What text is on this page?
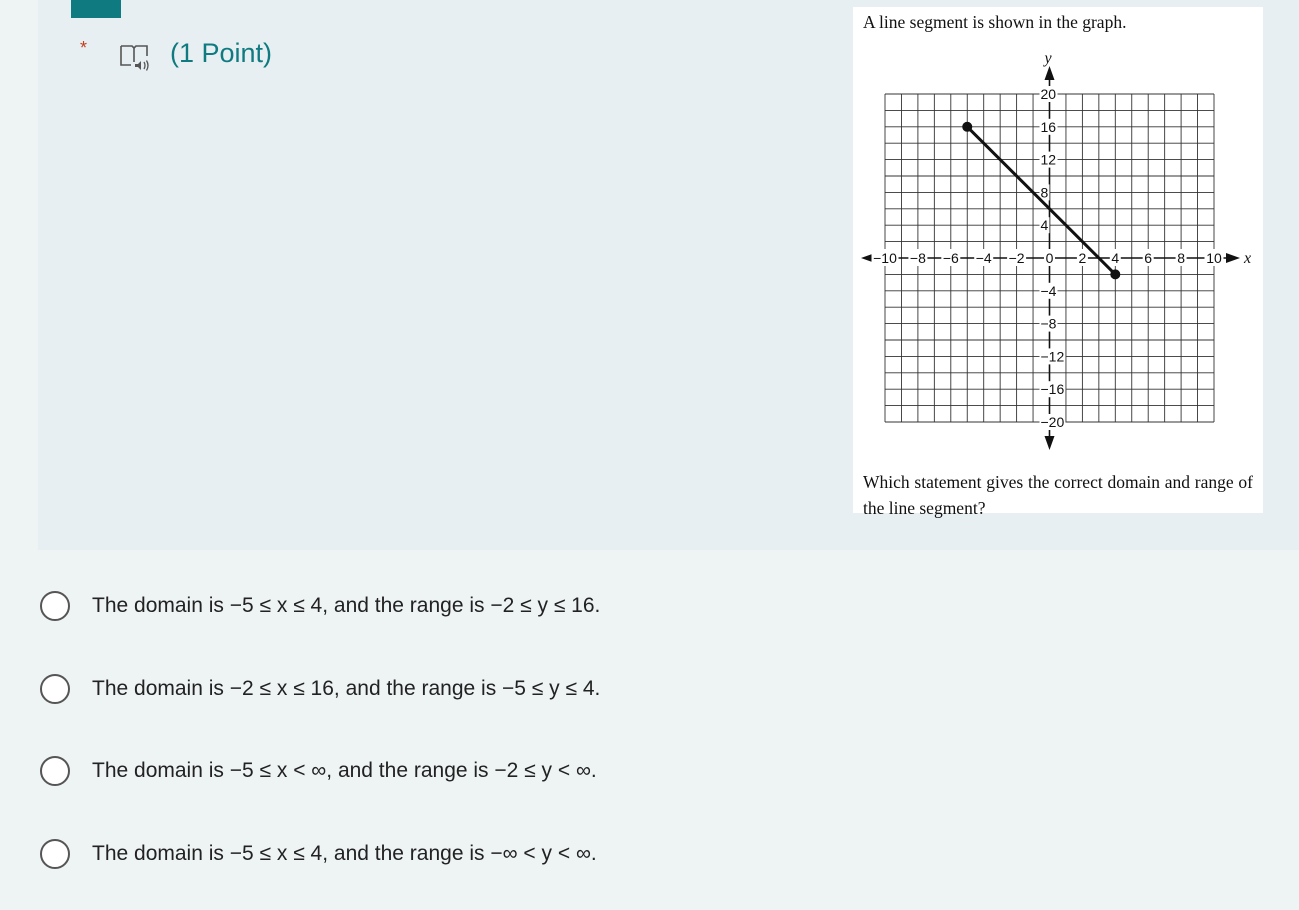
*	(1 Point)
A line segment is shown in the graph.
x
y
−10 −8 −6 −4 −2 0 2 4 6 8 10
20
16
12
8
4
−4
−8
−12
−16
−20
Which statement gives the correct domain and range of the line segment?
The domain is −5 ≤ x ≤ 4, and the range is −2 ≤ y ≤ 16.
The domain is −2 ≤ x ≤ 16, and the range is −5 ≤ y ≤ 4.
The domain is −5 ≤ x < ∞, and the range is −2 ≤ y < ∞.
The domain is −5 ≤ x ≤ 4, and the range is −∞ < y < ∞.
